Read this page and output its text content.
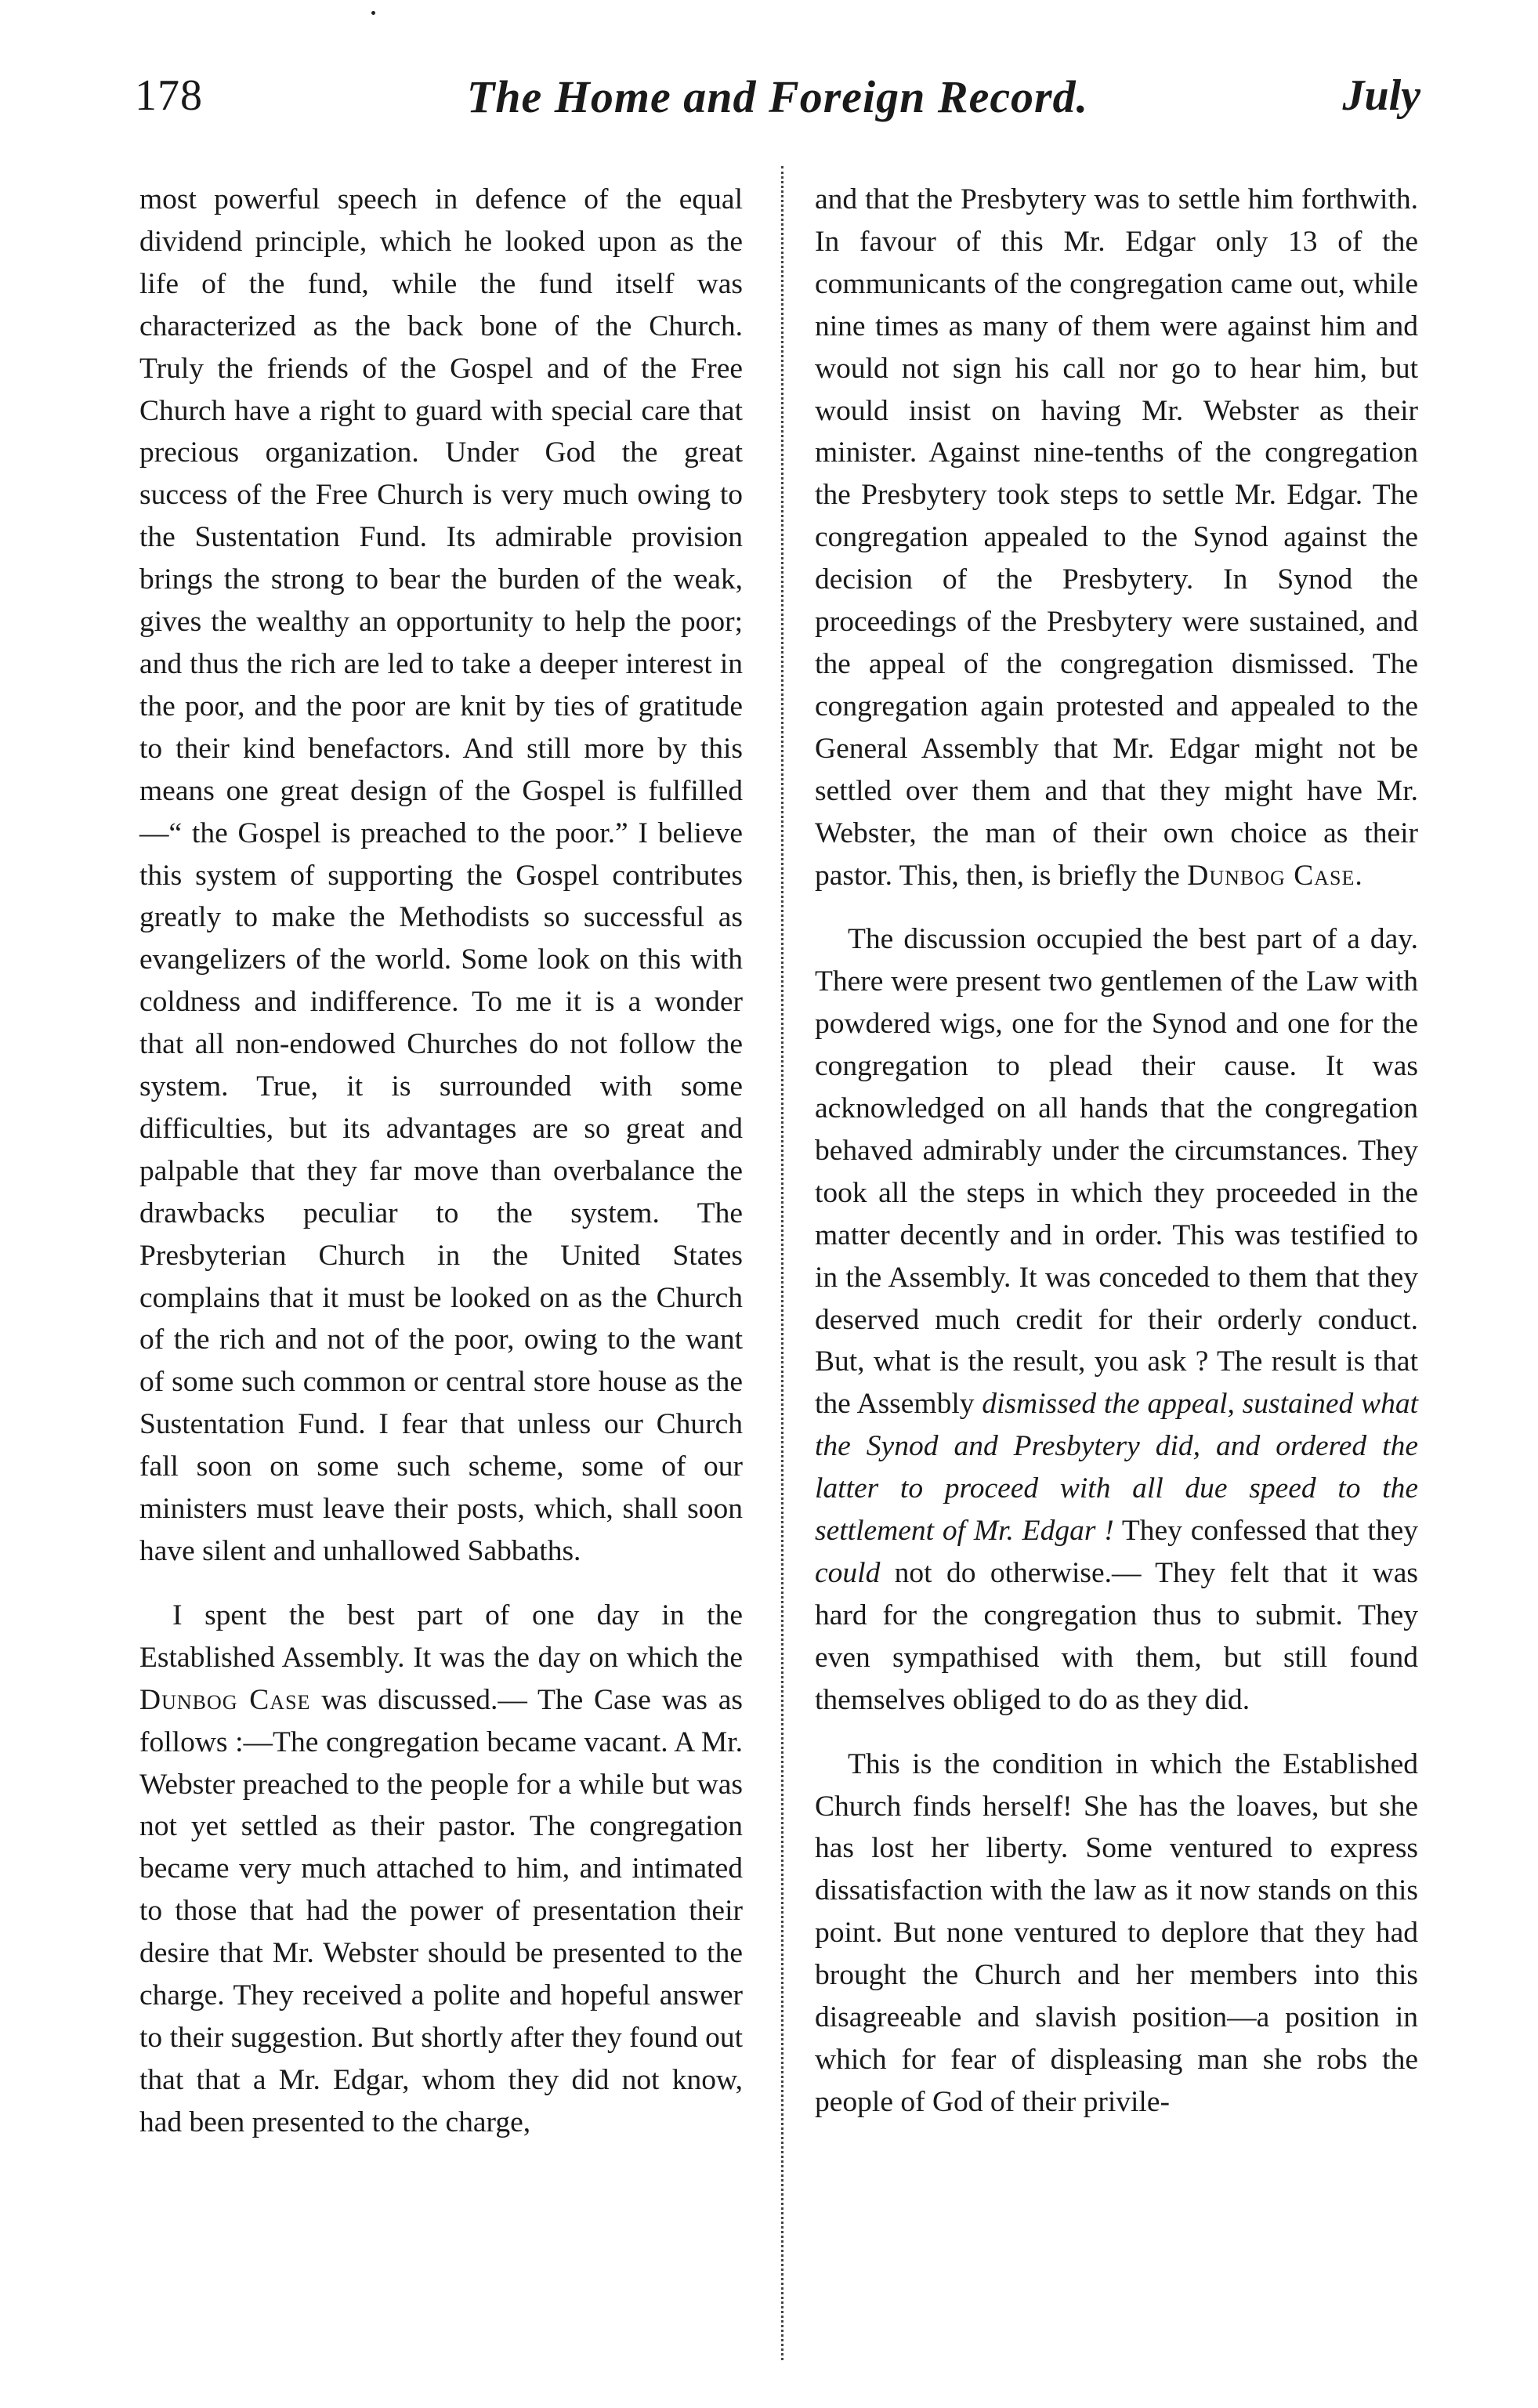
178	The Home and Foreign Record.	July

most powerful speech in defence of the equal dividend principle, which he looked upon as the life of the fund, while the fund itself was characterized as the back bone of the Church. Truly the friends of the Gospel and of the Free Church have a right to guard with special care that precious organization. Under God the great success of the Free Church is very much owing to the Sustentation Fund. Its admirable provision brings the strong to bear the burden of the weak, gives the wealthy an opportunity to help the poor; and thus the rich are led to take a deeper interest in the poor, and the poor are knit by ties of gratitude to their kind benefactors. And still more by this means one great design of the Gospel is fulfilled—“ the Gospel is preached to the poor.” I believe this system of supporting the Gospel contributes greatly to make the Methodists so successful as evangelizers of the world. Some look on this with coldness and indifference. To me it is a wonder that all non-endowed Churches do not follow the system. True, it is surrounded with some difficulties, but its advantages are so great and palpable that they far move than overbalance the drawbacks peculiar to the system. The Presbyterian Church in the United States complains that it must be looked on as the Church of the rich and not of the poor, owing to the want of some such common or central store house as the Sustentation Fund. I fear that unless our Church fall soon on some such scheme, some of our ministers must leave their posts, which, shall soon have silent and unhallowed Sabbaths.

I spent the best part of one day in the Established Assembly. It was the day on which the Dunbog Case was discussed.— The Case was as follows :—The congregation became vacant. A Mr. Webster preached to the people for a while but was not yet settled as their pastor. The congregation became very much attached to him, and intimated to those that had the power of presentation their desire that Mr. Webster should be presented to the charge. They received a polite and hopeful answer to their suggestion. But shortly after they found out that that a Mr. Edgar, whom they did not know, had been presented to the charge,

and that the Presbytery was to settle him forthwith. In favour of this Mr. Edgar only 13 of the communicants of the congregation came out, while nine times as many of them were against him and would not sign his call nor go to hear him, but would insist on having Mr. Webster as their minister. Against nine-tenths of the congregation the Presbytery took steps to settle Mr. Edgar. The congregation appealed to the Synod against the decision of the Presbytery. In Synod the proceedings of the Presbytery were sustained, and the appeal of the congregation dismissed. The congregation again protested and appealed to the General Assembly that Mr. Edgar might not be settled over them and that they might have Mr. Webster, the man of their own choice as their pastor. This, then, is briefly the Dunbog Case.

The discussion occupied the best part of a day. There were present two gentlemen of the Law with powdered wigs, one for the Synod and one for the congregation to plead their cause. It was acknowledged on all hands that the congregation behaved admirably under the circumstances. They took all the steps in which they proceeded in the matter decently and in order. This was testified to in the Assembly. It was conceded to them that they deserved much credit for their orderly conduct. But, what is the result, you ask ? The result is that the Assembly dismissed the appeal, sustained what the Synod and Presbytery did, and ordered the latter to proceed with all due speed to the settlement of Mr. Edgar ! They confessed that they could not do otherwise.— They felt that it was hard for the congregation thus to submit. They even sympathised with them, but still found themselves obliged to do as they did.

This is the condition in which the Established Church finds herself! She has the loaves, but she has lost her liberty. Some ventured to express dissatisfaction with the law as it now stands on this point. But none ventured to deplore that they had brought the Church and her members into this disagreeable and slavish position—a position in which for fear of displeasing man she robs the people of God of their privile-
